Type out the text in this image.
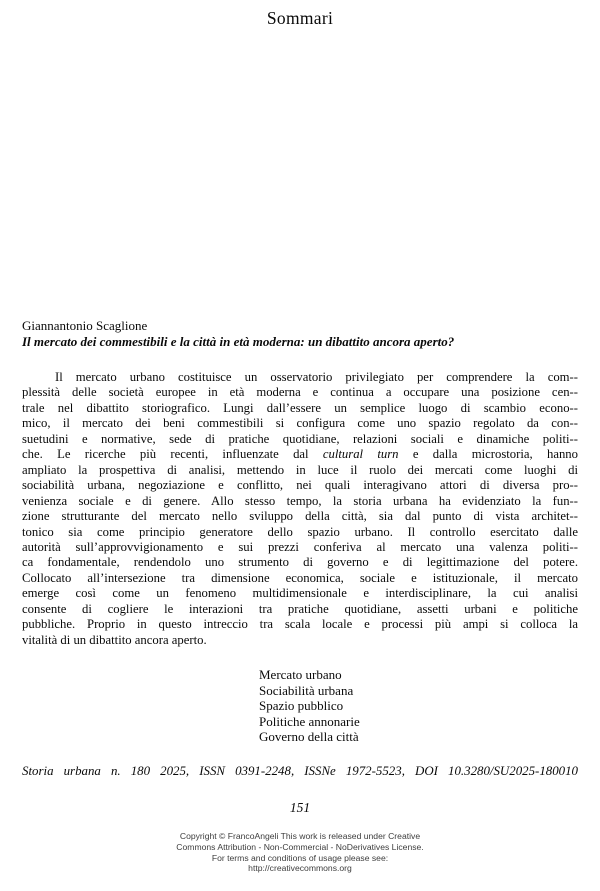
Sommari
Giannantonio Scaglione
Il mercato dei commestibili e la città in età moderna: un dibattito ancora aperto?
Il mercato urbano costituisce un osservatorio privilegiato per comprendere la com--
plessità delle società europee in età moderna e continua a occupare una posizione cen--
trale nel dibattito storiografico. Lungi dall’essere un semplice luogo di scambio econo--
mico, il mercato dei beni commestibili si configura come uno spazio regolato da con--
suetudini e normative, sede di pratiche quotidiane, relazioni sociali e dinamiche politi--
che. Le ricerche più recenti, influenzate dal cultural turn e dalla microstoria, hanno
ampliato la prospettiva di analisi, mettendo in luce il ruolo dei mercati come luoghi di
sociabilità urbana, negoziazione e conflitto, nei quali interagivano attori di diversa pro--
venienza sociale e di genere. Allo stesso tempo, la storia urbana ha evidenziato la fun--
zione strutturante del mercato nello sviluppo della città, sia dal punto di vista architet--
tonico sia come principio generatore dello spazio urbano. Il controllo esercitato dalle
autorità sull’approvvigionamento e sui prezzi conferiva al mercato una valenza politi--
ca fondamentale, rendendolo uno strumento di governo e di legittimazione del potere.
Collocato all’intersezione tra dimensione economica, sociale e istituzionale, il mercato
emerge così come un fenomeno multidimensionale e interdisciplinare, la cui analisi
consente di cogliere le interazioni tra pratiche quotidiane, assetti urbani e politiche
pubbliche. Proprio in questo intreccio tra scala locale e processi più ampi si colloca la
vitalità di un dibattito ancora aperto.
Mercato urbano
Sociabilità urbana
Spazio pubblico
Politiche annonarie
Governo della città
Storia urbana n. 180 2025, ISSN 0391-2248, ISSNe 1972-5523, DOI 10.3280/SU2025-180010
151
Copyright © FrancoAngeli This work is released under Creative
Commons Attribution - Non-Commercial - NoDerivatives License.
For terms and conditions of usage please see:
http://creativecommons.org
